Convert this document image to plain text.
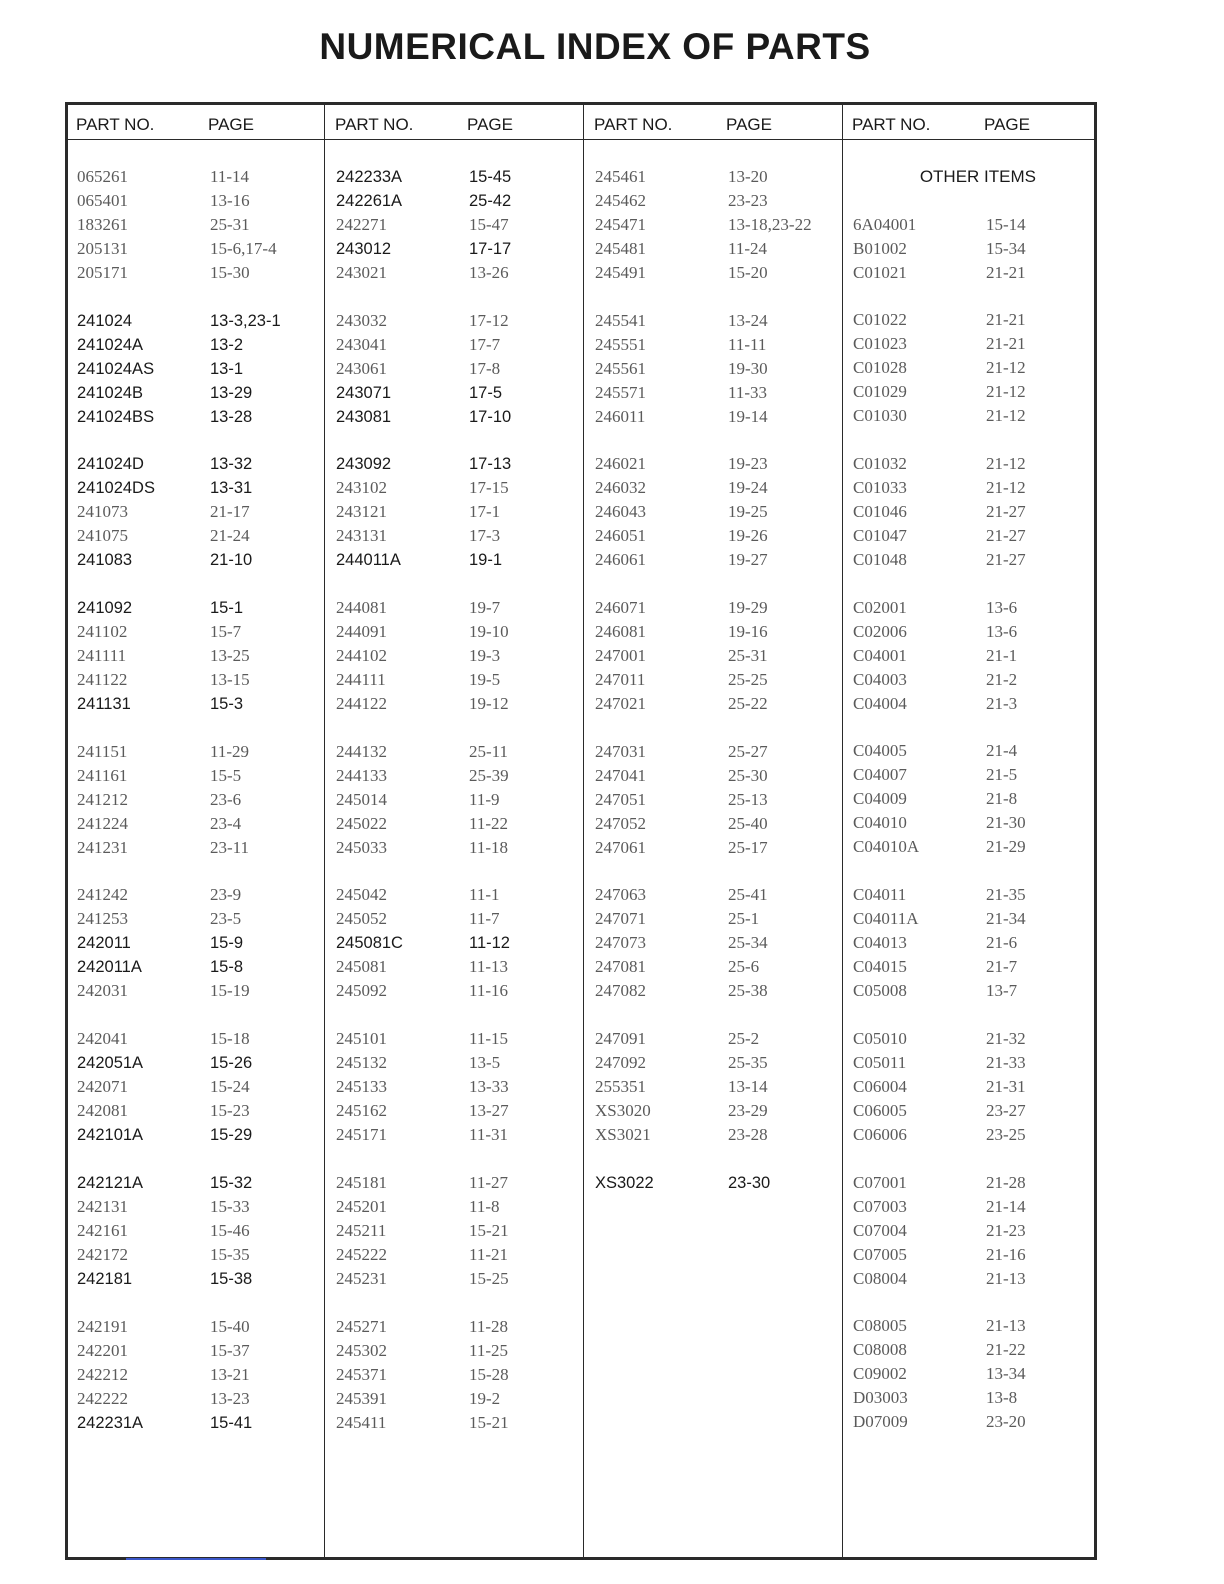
NUMERICAL INDEX OF PARTS
PART NO.	PAGE	PART NO.	PAGE	PART NO.	PAGE	PART NO.	PAGE
065261	11-14
065401	13-16
183261	25-31
205131	15-6,17-4
205171	15-30
241024	13-3,23-1
241024A	13-2
241024AS	13-1
241024B	13-29
241024BS	13-28
241024D	13-32
241024DS	13-31
241073	21-17
241075	21-24
241083	21-10
241092	15-1
241102	15-7
241111	13-25
241122	13-15
241131	15-3
241151	11-29
241161	15-5
241212	23-6
241224	23-4
241231	23-11
241242	23-9
241253	23-5
242011	15-9
242011A	15-8
242031	15-19
242041	15-18
242051A	15-26
242071	15-24
242081	15-23
242101A	15-29
242121A	15-32
242131	15-33
242161	15-46
242172	15-35
242181	15-38
242191	15-40
242201	15-37
242212	13-21
242222	13-23
242231A	15-41
242233A	15-45
242261A	25-42
242271	15-47
243012	17-17
243021	13-26
243032	17-12
243041	17-7
243061	17-8
243071	17-5
243081	17-10
243092	17-13
243102	17-15
243121	17-1
243131	17-3
244011A	19-1
244081	19-7
244091	19-10
244102	19-3
244111	19-5
244122	19-12
244132	25-11
244133	25-39
245014	11-9
245022	11-22
245033	11-18
245042	11-1
245052	11-7
245081C	11-12
245081	11-13
245092	11-16
245101	11-15
245132	13-5
245133	13-33
245162	13-27
245171	11-31
245181	11-27
245201	11-8
245211	15-21
245222	11-21
245231	15-25
245271	11-28
245302	11-25
245371	15-28
245391	19-2
245411	15-21
245461	13-20
245462	23-23
245471	13-18,23-22
245481	11-24
245491	15-20
245541	13-24
245551	11-11
245561	19-30
245571	11-33
246011	19-14
246021	19-23
246032	19-24
246043	19-25
246051	19-26
246061	19-27
246071	19-29
246081	19-16
247001	25-31
247011	25-25
247021	25-22
247031	25-27
247041	25-30
247051	25-13
247052	25-40
247061	25-17
247063	25-41
247071	25-1
247073	25-34
247081	25-6
247082	25-38
247091	25-2
247092	25-35
255351	13-14
XS3020	23-29
XS3021	23-28
XS3022	23-30
OTHER ITEMS
6A04001	15-14
B01002	15-34
C01021	21-21
C01022	21-21
C01023	21-21
C01028	21-12
C01029	21-12
C01030	21-12
C01032	21-12
C01033	21-12
C01046	21-27
C01047	21-27
C01048	21-27
C02001	13-6
C02006	13-6
C04001	21-1
C04003	21-2
C04004	21-3
C04005	21-4
C04007	21-5
C04009	21-8
C04010	21-30
C04010A	21-29
C04011	21-35
C04011A	21-34
C04013	21-6
C04015	21-7
C05008	13-7
C05010	21-32
C05011	21-33
C06004	21-31
C06005	23-27
C06006	23-25
C07001	21-28
C07003	21-14
C07004	21-23
C07005	21-16
C08004	21-13
C08005	21-13
C08008	21-22
C09002	13-34
D03003	13-8
D07009	23-20
